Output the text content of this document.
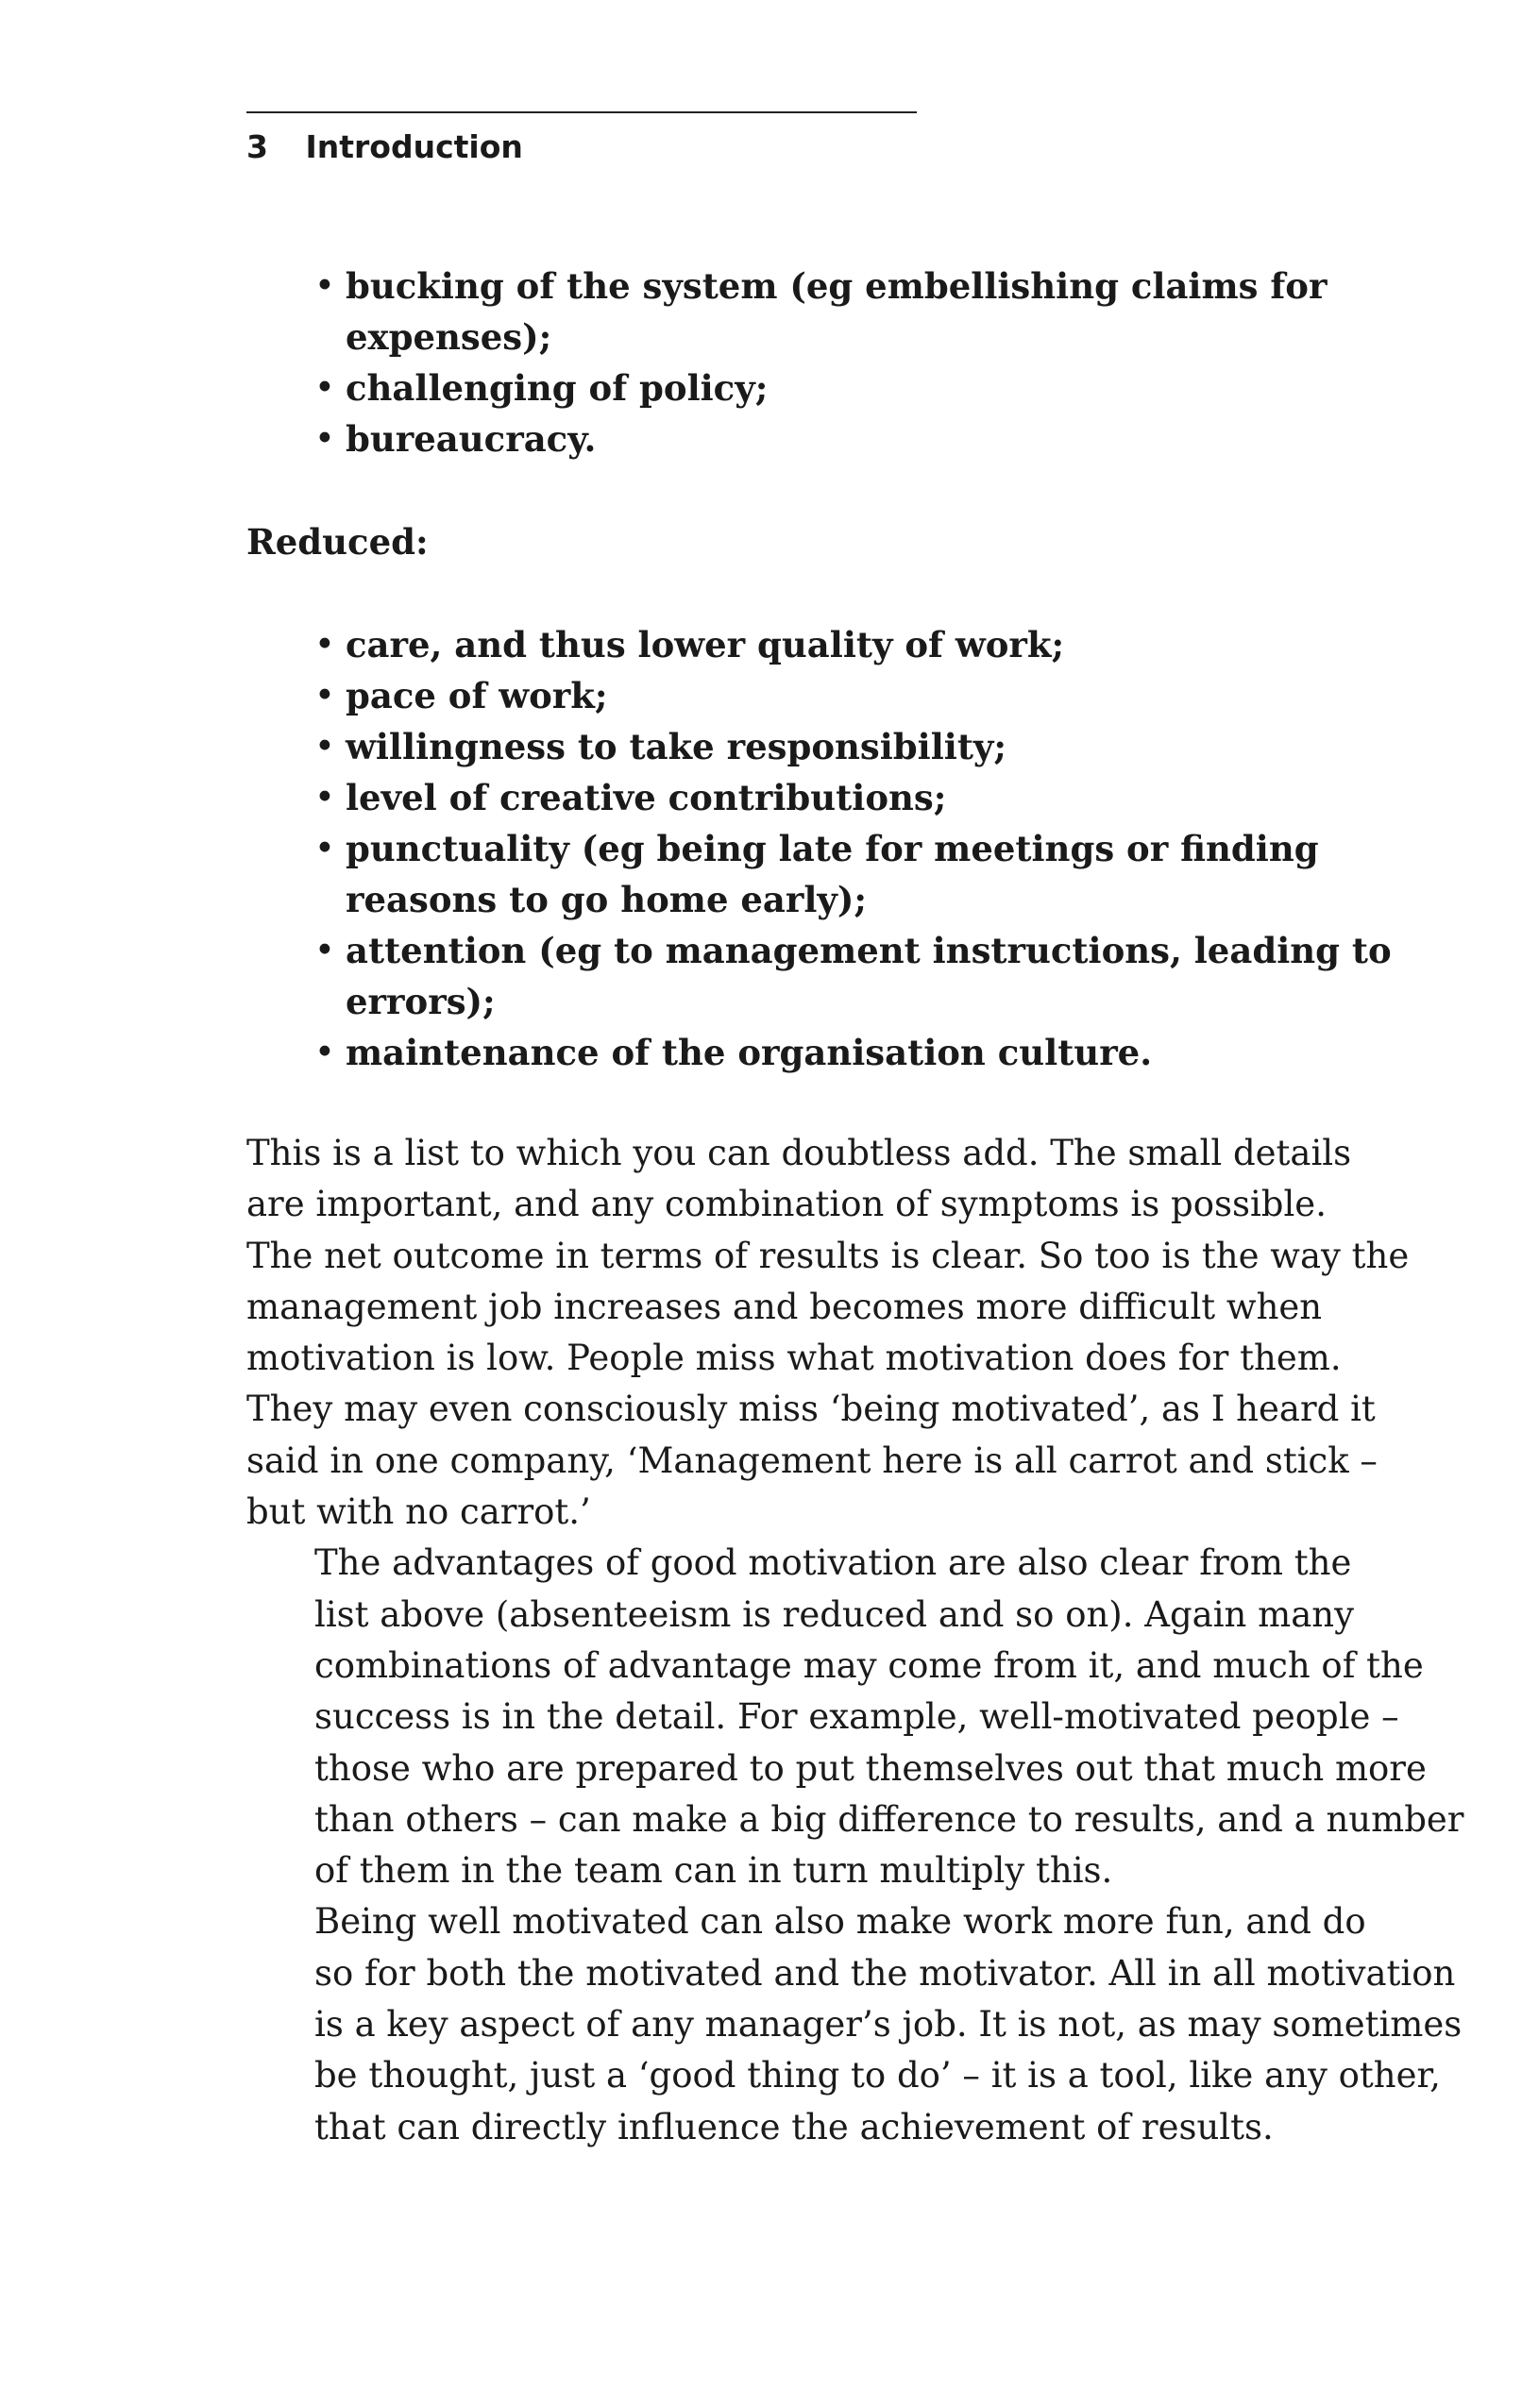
3 Introduction
• bucking of the system (eg embellishing claims for
expenses);
• challenging of policy;
• bureaucracy.
Reduced:
• care, and thus lower quality of work;
• pace of work;
• willingness to take responsibility;
• level of creative contributions;
• punctuality (eg being late for meetings or finding
reasons to go home early);
• attention (eg to management instructions, leading to
errors);
• maintenance of the organisation culture.

This is a list to which you can doubtless add. The small details
are important, and any combination of symptoms is possible.
The net outcome in terms of results is clear. So too is the way the
management job increases and becomes more difficult when
motivation is low. People miss what motivation does for them.
They may even consciously miss ‘being motivated’, as I heard it
said in one company, ‘Management here is all carrot and stick –
but with no carrot.’

The advantages of good motivation are also clear from the
list above (absenteeism is reduced and so on). Again many
combinations of advantage may come from it, and much of the
success is in the detail. For example, well-motivated people –
those who are prepared to put themselves out that much more
than others – can make a big difference to results, and a number
of them in the team can in turn multiply this.

Being well motivated can also make work more fun, and do
so for both the motivated and the motivator. All in all motivation
is a key aspect of any manager’s job. It is not, as may sometimes
be thought, just a ‘good thing to do’ – it is a tool, like any other,
that can directly influence the achievement of results.
